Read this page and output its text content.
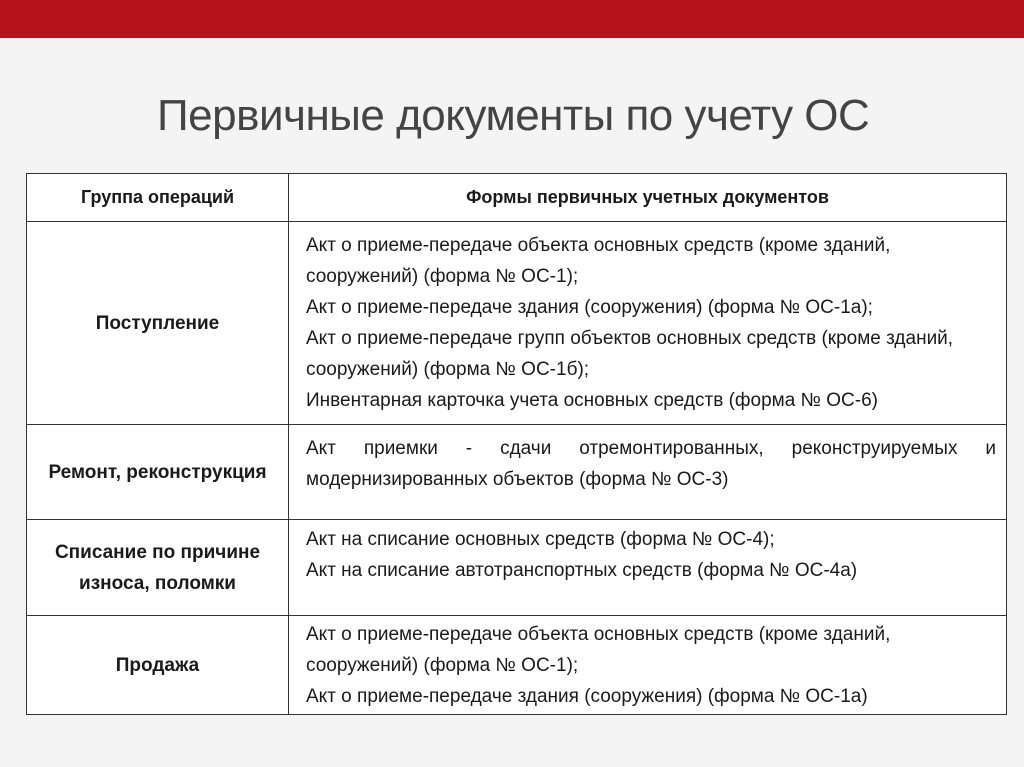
Первичные документы по учету ОС
Группа операций	Формы первичных учетных документов
Поступление	Акт о приеме-передаче объекта основных средств (кроме зданий, сооружений) (форма № ОС-1);
Акт о приеме-передаче здания (сооружения) (форма № ОС-1а);
Акт о приеме-передаче групп объектов основных средств (кроме зданий, сооружений) (форма № ОС-1б);
Инвентарная карточка учета основных средств (форма № ОС-6)

Ремонт, реконструкция	Акт приемки - сдачи отремонтированных, реконструируемых и модернизированных объектов (форма № ОС-3)

Списание по причине износа, поломки	Акт на списание основных средств (форма № ОС-4);
Акт на списание автотранспортных средств (форма № ОС-4а)

Продажа	Акт о приеме-передаче объекта основных средств (кроме зданий, сооружений) (форма № ОС-1);
Акт о приеме-передаче здания (сооружения) (форма № ОС-1а)
